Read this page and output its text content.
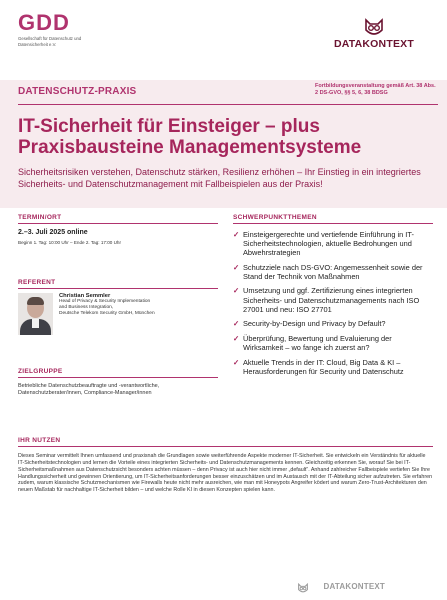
GDD
Gesellschaft für Datenschutz und Datensicherheit e.V.	DATAKONTEXT
DATENSCHUTZ-PRAXIS	Fortbildungsveranstaltung gemäß Art. 38 Abs. 2 DS-GVO, §§ 5, 6, 38 BDSG
IT-Sicherheit für Einsteiger – plus Praxisbausteine Managementsysteme
Sicherheitsrisiken verstehen, Datenschutz stärken, Resilienz erhöhen – Ihr Einstieg in ein integriertes Sicherheits- und Datenschutzmanagement mit Fallbeispielen aus der Praxis!
TERMIN/ORT
2.–3. Juli 2025 online
Beginn 1. Tag: 10:00 Uhr – Ende 2. Tag: 17:00 Uhr
REFERENT
Christian Semmler
Head of Privacy & Security Implementation
and Business Integration,
Deutsche Telekom Security GmbH, München
ZIELGRUPPE
Betriebliche Datenschutzbeauftragte und -verantwortliche,
Datenschutzberater/innen, Compliance-Manager/innen
SCHWERPUNKTTHEMEN
✓ Einsteigergerechte und vertiefende Einführung in IT-Sicherheitstechnologien, aktuelle Bedrohungen und Abwehrstrategien
✓ Schutzziele nach DS-GVO: Angemessenheit sowie der Stand der Technik von Maßnahmen
✓ Umsetzung und ggf. Zertifizierung eines integrierten Sicherheits- und Datenschutzmanagements nach ISO 27001 und neu: ISO 27701
✓ Security-by-Design und Privacy by Default?
✓ Überprüfung, Bewertung und Evaluierung der Wirksamkeit – wo fange ich zuerst an?
✓ Aktuelle Trends in der IT: Cloud, Big Data & KI – Herausforderungen für Security und Datenschutz
IHR NUTZEN
Dieses Seminar vermittelt Ihnen umfassend und praxisnah die Grundlagen sowie weiterführende Aspekte moderner IT-Sicherheit. Sie entwickeln ein Verständnis für aktuelle IT-Sicherheitstechnologien und lernen die Vorteile eines integrierten Sicherheits- und Datenschutzmanagements kennen. Gleichzeitig erkennen Sie, worauf Sie bei IT-Sicherheitsmaßnahmen aus Datenschutzsicht besonders achten müssen – denn Privacy ist auch hier nicht immer „default“. Anhand zahlreicher Fallbeispiele vertiefen Sie Ihre Handlungssicherheit und gewinnen Orientierung, um IT-Sicherheitsanforderungen besser einzuschätzen und im Austausch mit der IT-Abteilung sicher aufzutreten. Sie erfahren zudem, warum klassische Schutzmechanismen wie Firewalls heute nicht mehr ausreichen, wie man mit Honeypots Angreifer ködert und warum Zero-Trust-Architekturen den neuen Maßstab für nachhaltige IT-Sicherheit bilden – und welche Rolle KI in diesen Konzepten spielen kann.
DATAKONTEXT
